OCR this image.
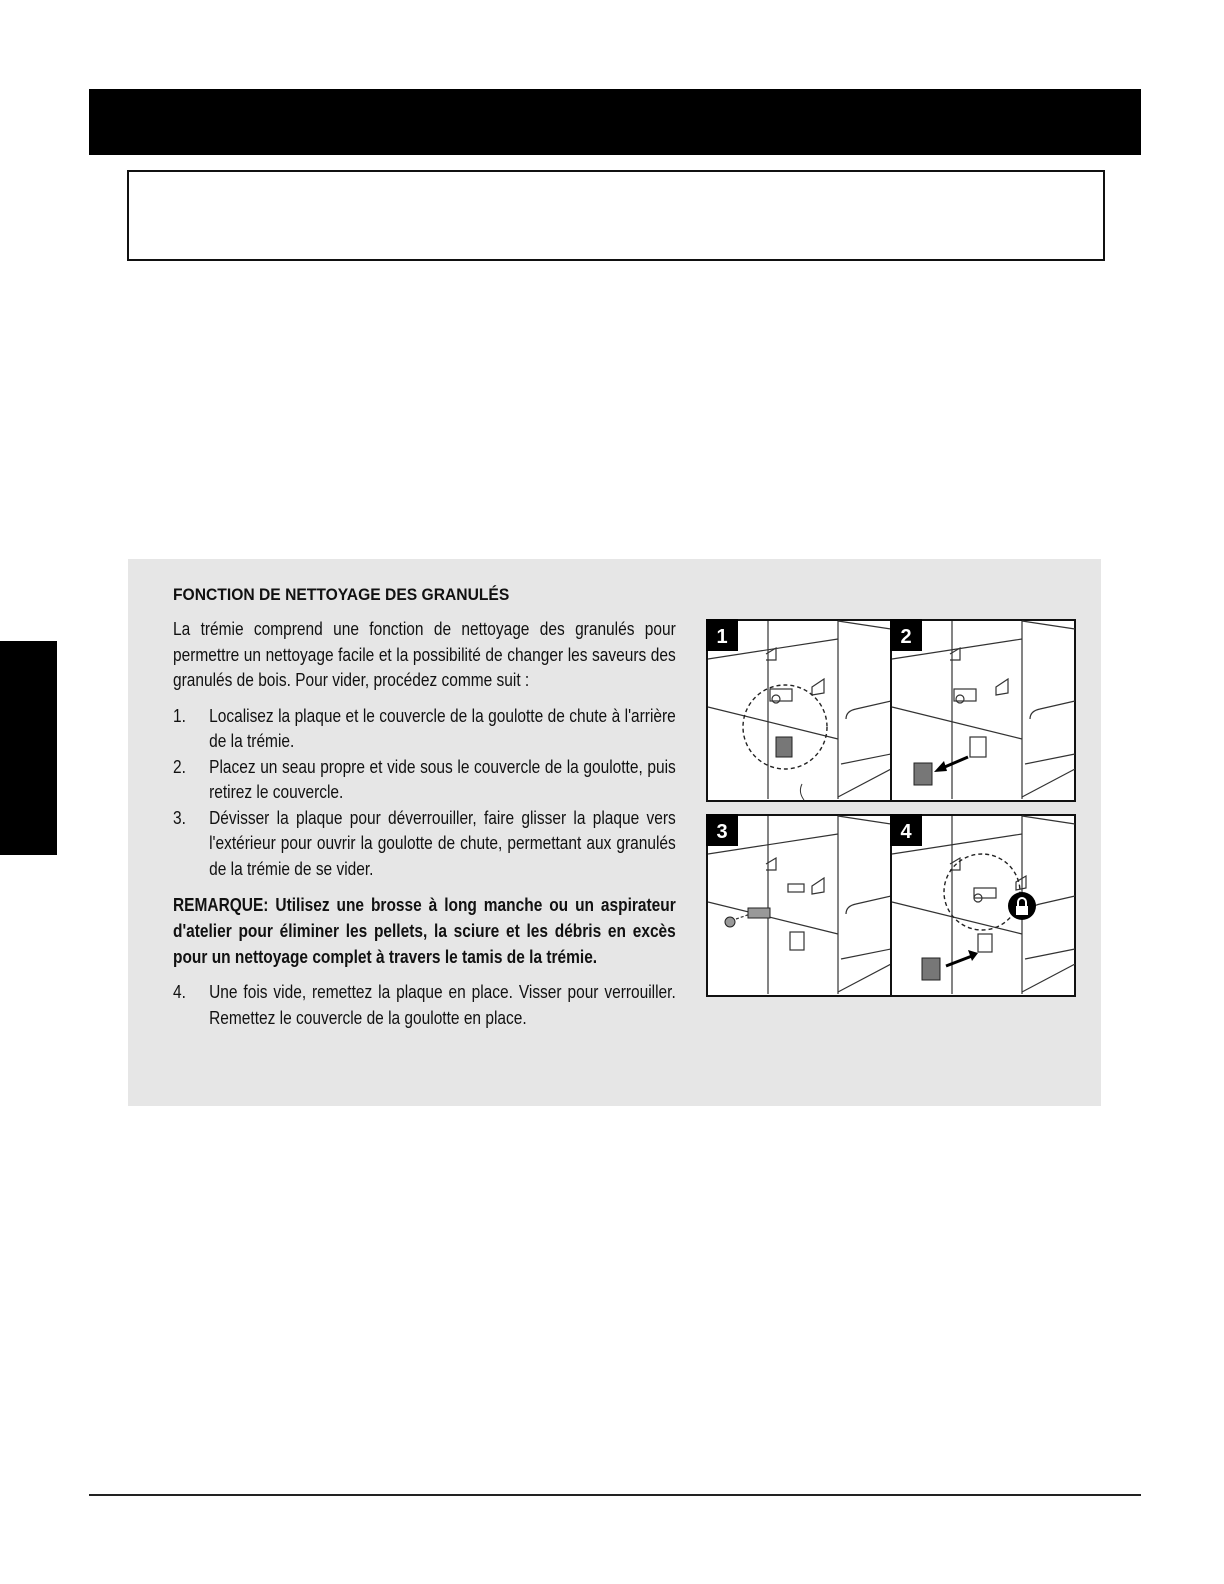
FONCTION DE NETTOYAGE DES GRANULÉS

La trémie comprend une fonction de nettoyage des granulés pour permettre un nettoyage facile et la possibilité de changer les saveurs des granulés de bois. Pour vider, procédez comme suit :

1.	Localisez la plaque et le couvercle de la goulotte de chute à l'arrière de la trémie.
2.	Placez un seau propre et vide sous le couvercle de la goulotte, puis retirez le couvercle.
3.	Dévisser la plaque pour déverrouiller, faire glisser la plaque vers l'extérieur pour ouvrir la goulotte de chute, permettant aux granulés de la trémie de se vider.

REMARQUE: Utilisez une brosse à long manche ou un aspirateur d'atelier pour éliminer les pellets, la sciure et les débris en excès pour un nettoyage complet à travers le tamis de la trémie.

4.	Une fois vide, remettez la plaque en place. Visser pour verrouiller. Remettez le couvercle de la goulotte en place.
1	2
3	4
